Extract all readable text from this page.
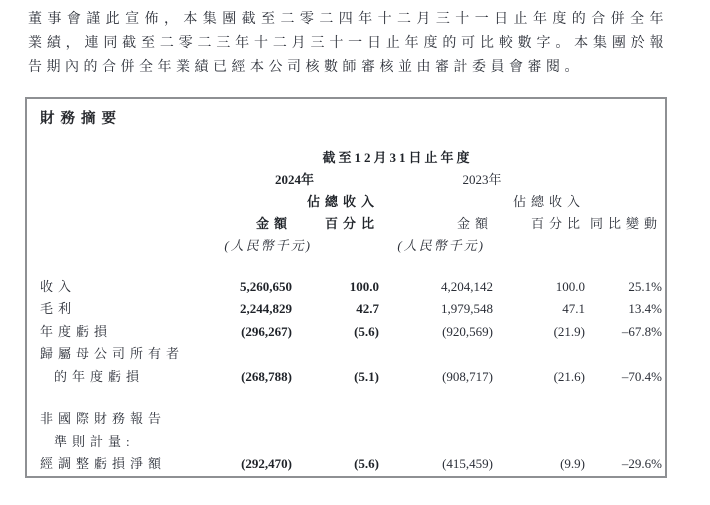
董事會謹此宣佈，本集團截至二零二四年十二月三十一日止年度的合併全年
業績，連同截至二零二三年十二月三十一日止年度的可比較數字。本集團於報
告期內的合併全年業績已經本公司核數師審核並由審計委員會審閱。
財務摘要
	截至12月31日止年度				
	2024年		2023年		
		佔總收入		佔總收入	
	金額	百分比	金額	百分比	同比變動
	(人民幣千元)		(人民幣千元)		

收入	5,260,650	100.0	4,204,142	100.0	25.1%
毛利	2,244,829	42.7	1,979,548	47.1	13.4%
年度虧損	(296,267)	(5.6)	(920,569)	(21.9)	–67.8%
歸屬母公司所有者					
的年度虧損	(268,788)	(5.1)	(908,717)	(21.6)	–70.4%

非國際財務報告					
準則計量:					
經調整虧損淨額	(292,470)	(5.6)	(415,459)	(9.9)	–29.6%
